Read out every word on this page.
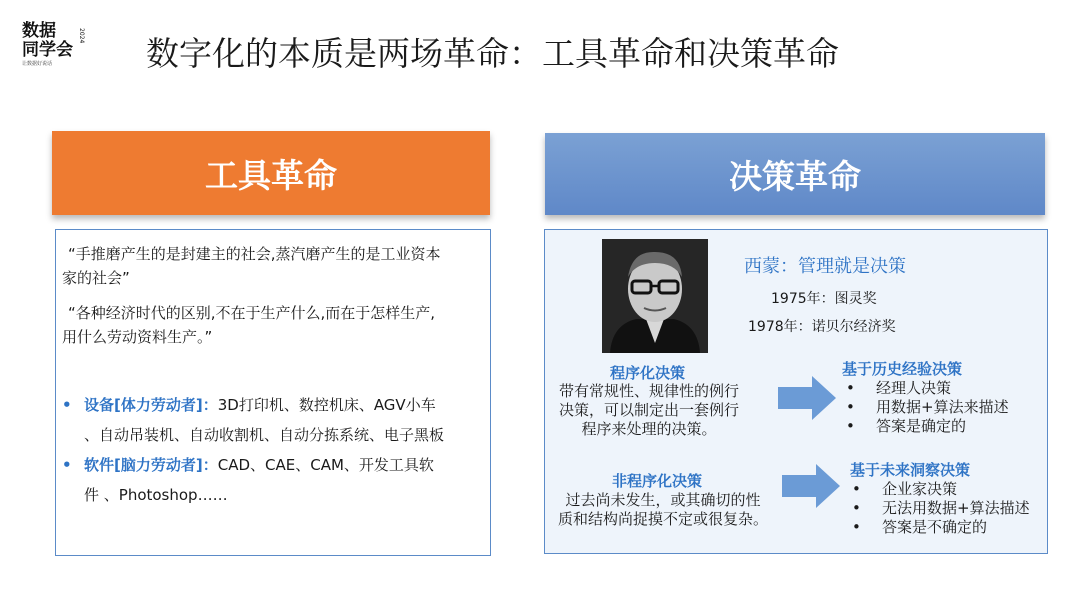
数据
同学会
2024
让数据好说话	数字化的本质是两场革命：工具革命和决策革命
工具革命
“手推磨产生的是封建主的社会,蒸汽磨产生的是工业资本
家的社会”
“各种经济时代的区别,不在于生产什么,而在于怎样生产,
用什么劳动资料生产。”
• 设备[体力劳动者]：3D打印机、数控机床、AGV小车
、自动吊装机、自动收割机、自动分拣系统、电子黑板
• 软件[脑力劳动者]：CAD、CAE、CAM、开发工具软
件 、Photoshop……
决策革命
西蒙：管理就是决策
1975年：图灵奖
1978年：诺贝尔经济奖
程序化决策
带有常规性、规律性的例行
决策，可以制定出一套例行
程序来处理的决策。
基于历史经验决策
• 经理人决策
• 用数据+算法来描述
• 答案是确定的
非程序化决策
过去尚未发生，或其确切的性
质和结构尚捉摸不定或很复杂。
基于未来洞察决策
• 企业家决策
• 无法用数据+算法描述
• 答案是不确定的
